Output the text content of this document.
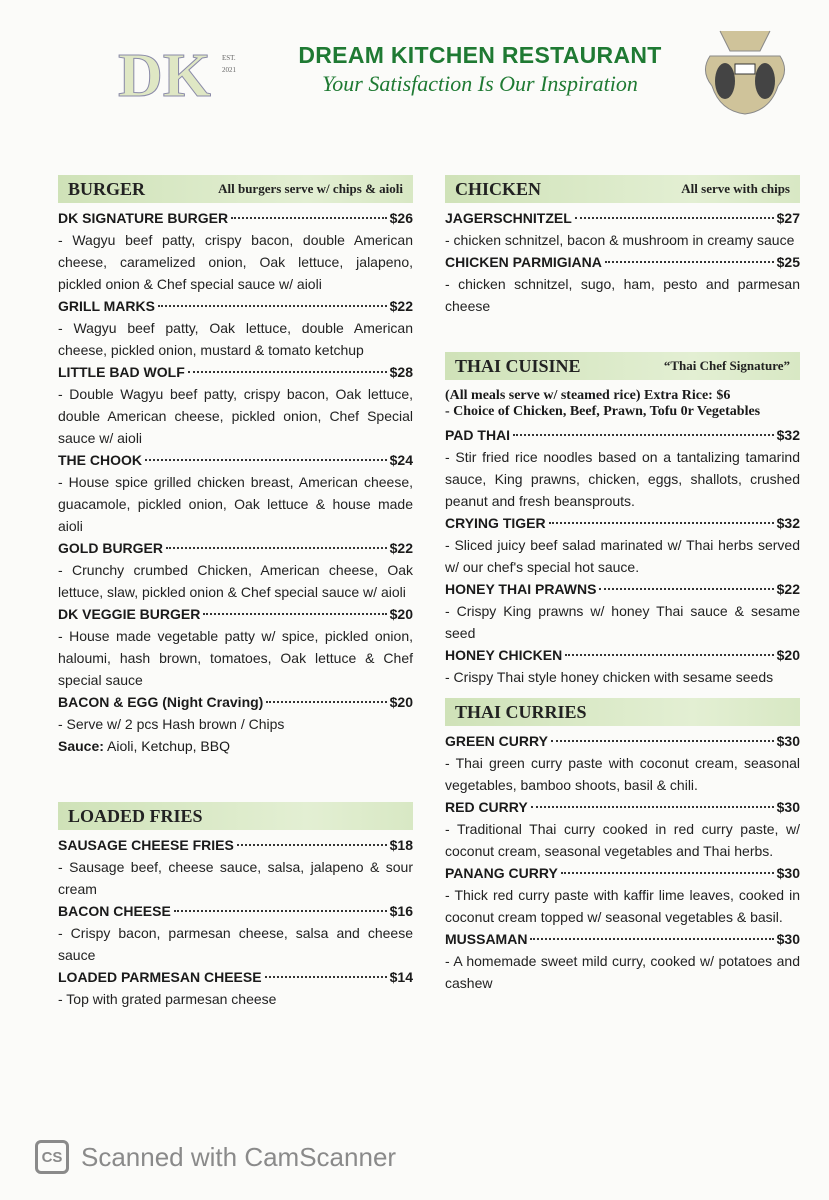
DK EST.
2021
DREAM KITCHEN RESTAURANT
Your Satisfaction Is Our Inspiration
BURGER	All burgers serve w/ chips & aioli
DK SIGNATURE BURGER	$26
- Wagyu beef patty, crispy bacon, double American cheese, caramelized onion, Oak lettuce, jalapeno, pickled onion & Chef special sauce w/ aioli
GRILL MARKS	$22
- Wagyu beef patty, Oak lettuce, double American cheese, pickled onion, mustard & tomato ketchup
LITTLE BAD WOLF	$28
- Double Wagyu beef patty, crispy bacon, Oak lettuce, double American cheese, pickled onion, Chef Special sauce w/ aioli
THE CHOOK	$24
- House spice grilled chicken breast, American cheese, guacamole, pickled onion, Oak lettuce & house made aioli
GOLD BURGER	$22
- Crunchy crumbed Chicken, American cheese, Oak lettuce, slaw, pickled onion & Chef special sauce w/ aioli
DK VEGGIE BURGER	$20
- House made vegetable patty w/ spice, pickled onion, haloumi, hash brown, tomatoes, Oak lettuce & Chef special sauce
BACON & EGG (Night Craving)	$20
- Serve w/ 2 pcs Hash brown / Chips
Sauce: Aioli, Ketchup, BBQ
LOADED FRIES
SAUSAGE CHEESE FRIES	$18
- Sausage beef, cheese sauce, salsa, jalapeno & sour cream
BACON CHEESE	$16
- Crispy bacon, parmesan cheese, salsa and cheese sauce
LOADED PARMESAN CHEESE	$14
- Top with grated parmesan cheese
CHICKEN	All serve with chips
JAGERSCHNITZEL	$27
- chicken schnitzel, bacon & mushroom in creamy sauce
CHICKEN PARMIGIANA	$25
- chicken schnitzel, sugo, ham, pesto and parmesan cheese
THAI CUISINE	“Thai Chef Signature”
(All meals serve w/ steamed rice) Extra Rice: $6
- Choice of Chicken, Beef, Prawn, Tofu 0r Vegetables
PAD THAI	$32
- Stir fried rice noodles based on a tantalizing tamarind sauce, King prawns, chicken, eggs, shallots, crushed peanut and fresh beansprouts.
CRYING TIGER	$32
- Sliced juicy beef salad marinated w/ Thai herbs served w/ our chef's special hot sauce.
HONEY THAI PRAWNS	$22
- Crispy King prawns w/ honey Thai sauce & sesame seed
HONEY CHICKEN	$20
- Crispy Thai style honey chicken with sesame seeds
THAI CURRIES
GREEN CURRY	$30
- Thai green curry paste with coconut cream, seasonal vegetables, bamboo shoots, basil & chili.
RED CURRY	$30
- Traditional Thai curry cooked in red curry paste, w/ coconut cream, seasonal vegetables and Thai herbs.
PANANG CURRY	$30
- Thick red curry paste with kaffir lime leaves, cooked in coconut cream topped w/ seasonal vegetables & basil.
MUSSAMAN	$30
- A homemade sweet mild curry, cooked w/ potatoes and cashew
CS Scanned with CamScanner
